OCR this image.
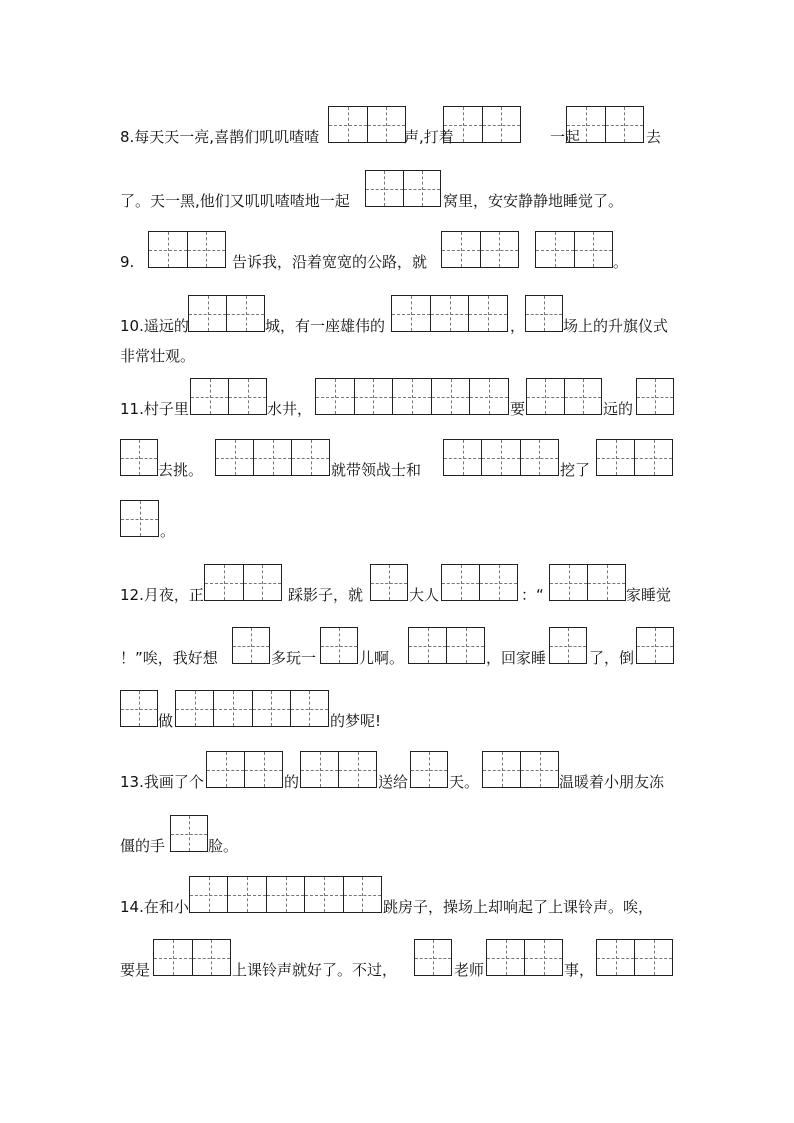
8.每天天一亮,喜鹊们叽叽喳喳	声,打着	一起	去
了。天一黑,他们又叽叽喳喳地一起	窝里，安安静静地睡觉了。
9.	告诉我，沿着宽宽的公路，就	。
10.遥远的	城，有一座雄伟的	，	场上的升旗仪式
非常壮观。
11.村子里	水井，	要	远的
去挑。	就带领战士和	挖了
。
12.月夜，正	踩影子，就	大人	：“	家睡觉
！”唉，我好想	多玩一	儿啊。	，回家睡	了，倒
做	的梦呢!
13.我画了个	的	送给	天。	温暖着小朋友冻
僵的手	脸。
14.在和小	跳房子，操场上却响起了上课铃声。唉，
要是	上课铃声就好了。不过，	老师	事，
